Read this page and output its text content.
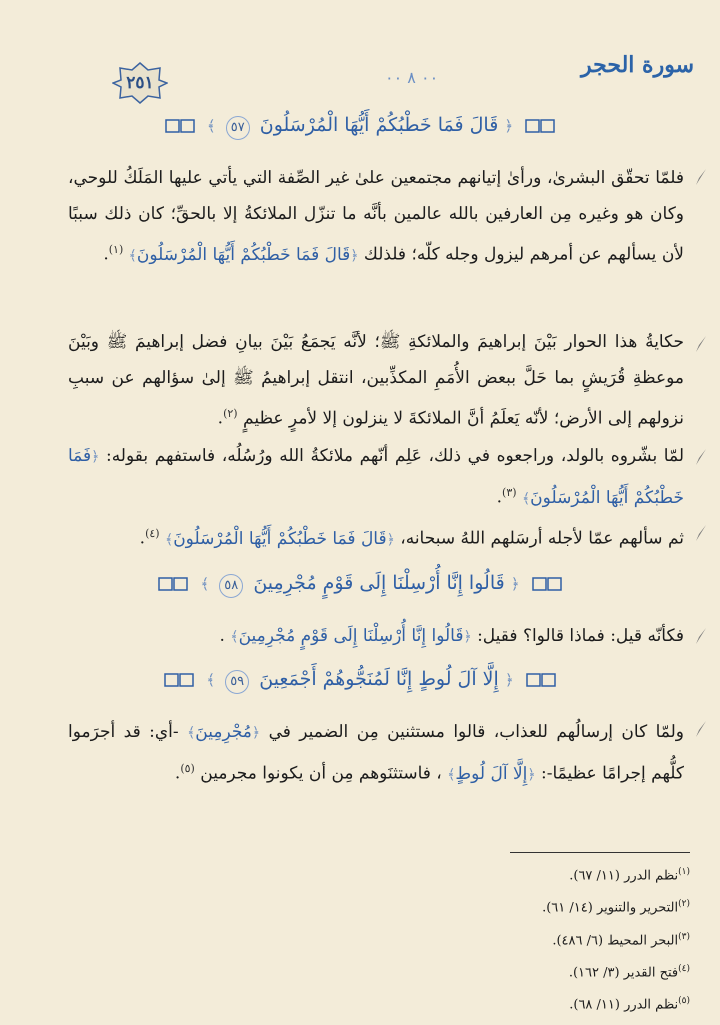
سورة الحجر
٠٠ ٨ ٠٠
٢٥١
﴿ قَالَ فَمَا خَطْبُكُمْ أَيُّهَا الْمُرْسَلُونَ ٥٧ ﴾
فلمّا تحقّق البشرىٰ، ورأىٰ إتيانهم مجتمعين علىٰ غير الصِّفة التي يأتي عليها المَلَكُ للوحي، وكان هو وغيره مِن العارفين بالله عالمين بأنَّه ما تنزّل الملائكةُ إلا بالحقِّ؛ كان ذلك سببًا لأن يسألهم عن أمرهم ليزول وجله كلّه؛ فلذلك ﴿قَالَ فَمَا خَطْبُكُمْ أَيُّهَا الْمُرْسَلُونَ﴾ $^{(١)}$.
حكايةُ هذا الحوار بَيْنَ إبراهيمَ والملائكةِ ﷺ؛ لأنَّه يَجمَعُ بَيْنَ بيانِ فضل إبراهيمَ ﷺ وبَيْنَ موعظةِ قُرَيشٍ بما حَلَّ ببعض الأُمَمِ المكذِّبين، انتقل إبراهيمُ ﷺ إلىٰ سؤالهم عن سببِ نزولهم إلى الأرض؛ لأنّه يَعلَمُ أنَّ الملائكةَ لا ينزلون إلا لأمرٍ عظيمٍ $^{(٢)}$.
لمّا بشّروه بالولد، وراجعوه في ذلك، عَلِم أنّهم ملائكةُ الله ورُسُلُه، فاستفهم بقوله: ﴿فَمَا خَطْبُكُمْ أَيُّهَا الْمُرْسَلُونَ﴾ $^{(٣)}$.
ثم سألهم عمّا لأجله أرسَلهم اللهُ سبحانه، ﴿قَالَ فَمَا خَطْبُكُمْ أَيُّهَا الْمُرْسَلُونَ﴾ $^{(٤)}$.
﴿ قَالُوا إِنَّا أُرْسِلْنَا إِلَى قَوْمٍ مُجْرِمِينَ ٥٨ ﴾
فكأنّه قيل: فماذا قالوا؟ فقيل: ﴿قَالُوا إِنَّا أُرْسِلْنَا إِلَى قَوْمٍ مُجْرِمِينَ﴾ .
﴿ إِلَّا آلَ لُوطٍ إِنَّا لَمُنَجُّوهُمْ أَجْمَعِينَ ٥٩ ﴾
ولمّا كان إرسالُهم للعذاب، قالوا مستثنين مِن الضمير في ﴿مُجْرِمِينَ﴾ -أي: قد أجرَموا كلُّهم إجرامًا عظيمًا-: ﴿إِلَّا آلَ لُوطٍ﴾ ، فاستثنَوهم مِن أن يكونوا مجرمين $^{(٥)}$.
$^{(١)}$نظم الدرر (١١/ ٦٧).
$^{(٢)}$التحرير والتنوير (١٤/ ٦١).
$^{(٣)}$البحر المحيط (٦/ ٤٨٦).
$^{(٤)}$فتح القدير (٣/ ١٦٢).
$^{(٥)}$نظم الدرر (١١/ ٦٨).
